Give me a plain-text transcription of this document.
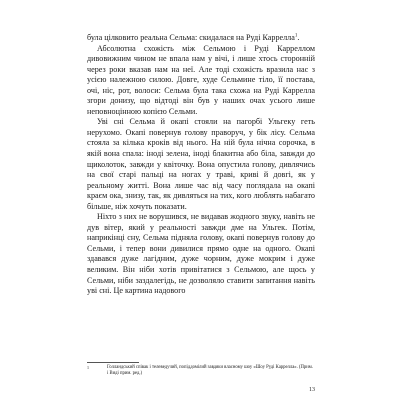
була цілковито реальна Сельма: скидалася на Руді Каррелла$^1$.

Абсолютна схожість між Сельмою і Руді Карреллом дивовижним чином не впала нам у вічі, і лише хтось сторонній через роки вказав нам на неї. Але тоді схожість вразила нас з усією належною силою. Довге, худе Сельмине тіло, її постава, очі, ніс, рот, волоси: Сельма була така схожа на Руді Каррелла згори донизу, що відтоді він був у наших очах усього лише неповноцінною копією Сельми.

Уві сні Сельма й окапі стояли на пагорбі Ульгеку геть нерухомо. Окапі повернув голову праворуч, у бік лісу. Сельма стояла за кілька кроків від нього. На ній була нічна сорочка, в якій вона спала: іноді зелена, іноді блакитна або біла, завжди до щиколоток, завжди у квіточку. Вона опустила голову, дивлячись на свої старі пальці на ногах у траві, криві й довгі, як у реальному житті. Вона лише час від часу поглядала на окапі краєм ока, знизу, так, як дивляться на тих, кого люблять набагато більше, ніж хочуть показати.

Ніхто з них не ворушився, не видавав жодного звуку, навіть не дув вітер, який у реальності завжди дме на Ульгек. Потім, наприкінці сну, Сельма підняла голову, окапі повернув голову до Сельми, і тепер вони дивилися прямо одне на одного. Окапі здавався дуже лагідним, дуже чорним, дуже мокрим і дуже великим. Він ніби хотів привітатися з Сельмою, але щось у Сельми, ніби заздалегідь, не дозволяло ставити запитання навіть уві сні. Це картина надового

1	Голландський співак і телеведучий, попіддомілий завдяки власному шоу «Шоу Руді Каррелла». (Прим. і Виді прим. ред.)
13
